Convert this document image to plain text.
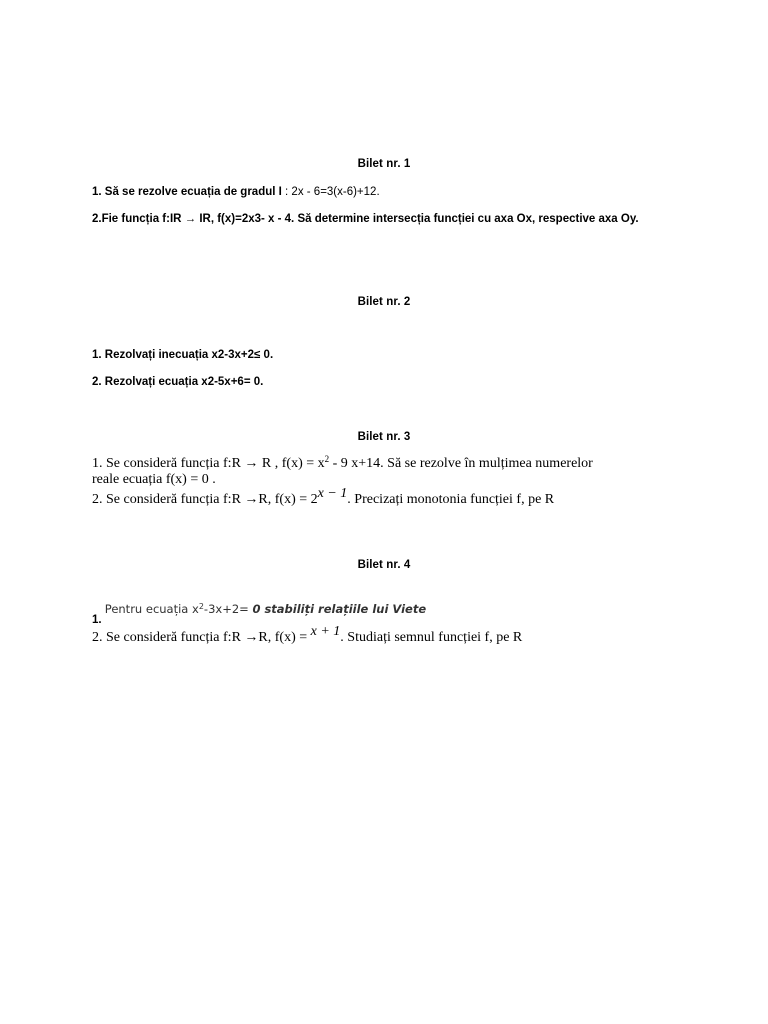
Bilet nr. 1
1. Să se rezolve ecuația de gradul I : 2x - 6=3(x-6)+12.
2.Fie funcția f:IR → IR, f(x)=2x3- x - 4. Să determine intersecția funcției cu axa Ox, respective axa Oy.
Bilet nr. 2
1. Rezolvați inecuația x2-3x+2≤ 0.
2. Rezolvați ecuația x2-5x+6= 0.
Bilet nr. 3
1. Se consideră funcția f:R → R , $f(x) = x^2 - 9$ x+14. Să se rezolve în mulțimea numerelor
reale ecuația f(x) = 0 .
2. Se consideră funcția f:R →R, f(x) = 2x − 1. Precizați monotonia funcției f, pe R
Bilet nr. 4
1. Pentru ecuația $x^2-3x+2= 0$ stabiliți relațiile lui Viete
2. Se consideră funcția f:R →R, f(x) = x + 1. Studiați semnul funcției f, pe R
